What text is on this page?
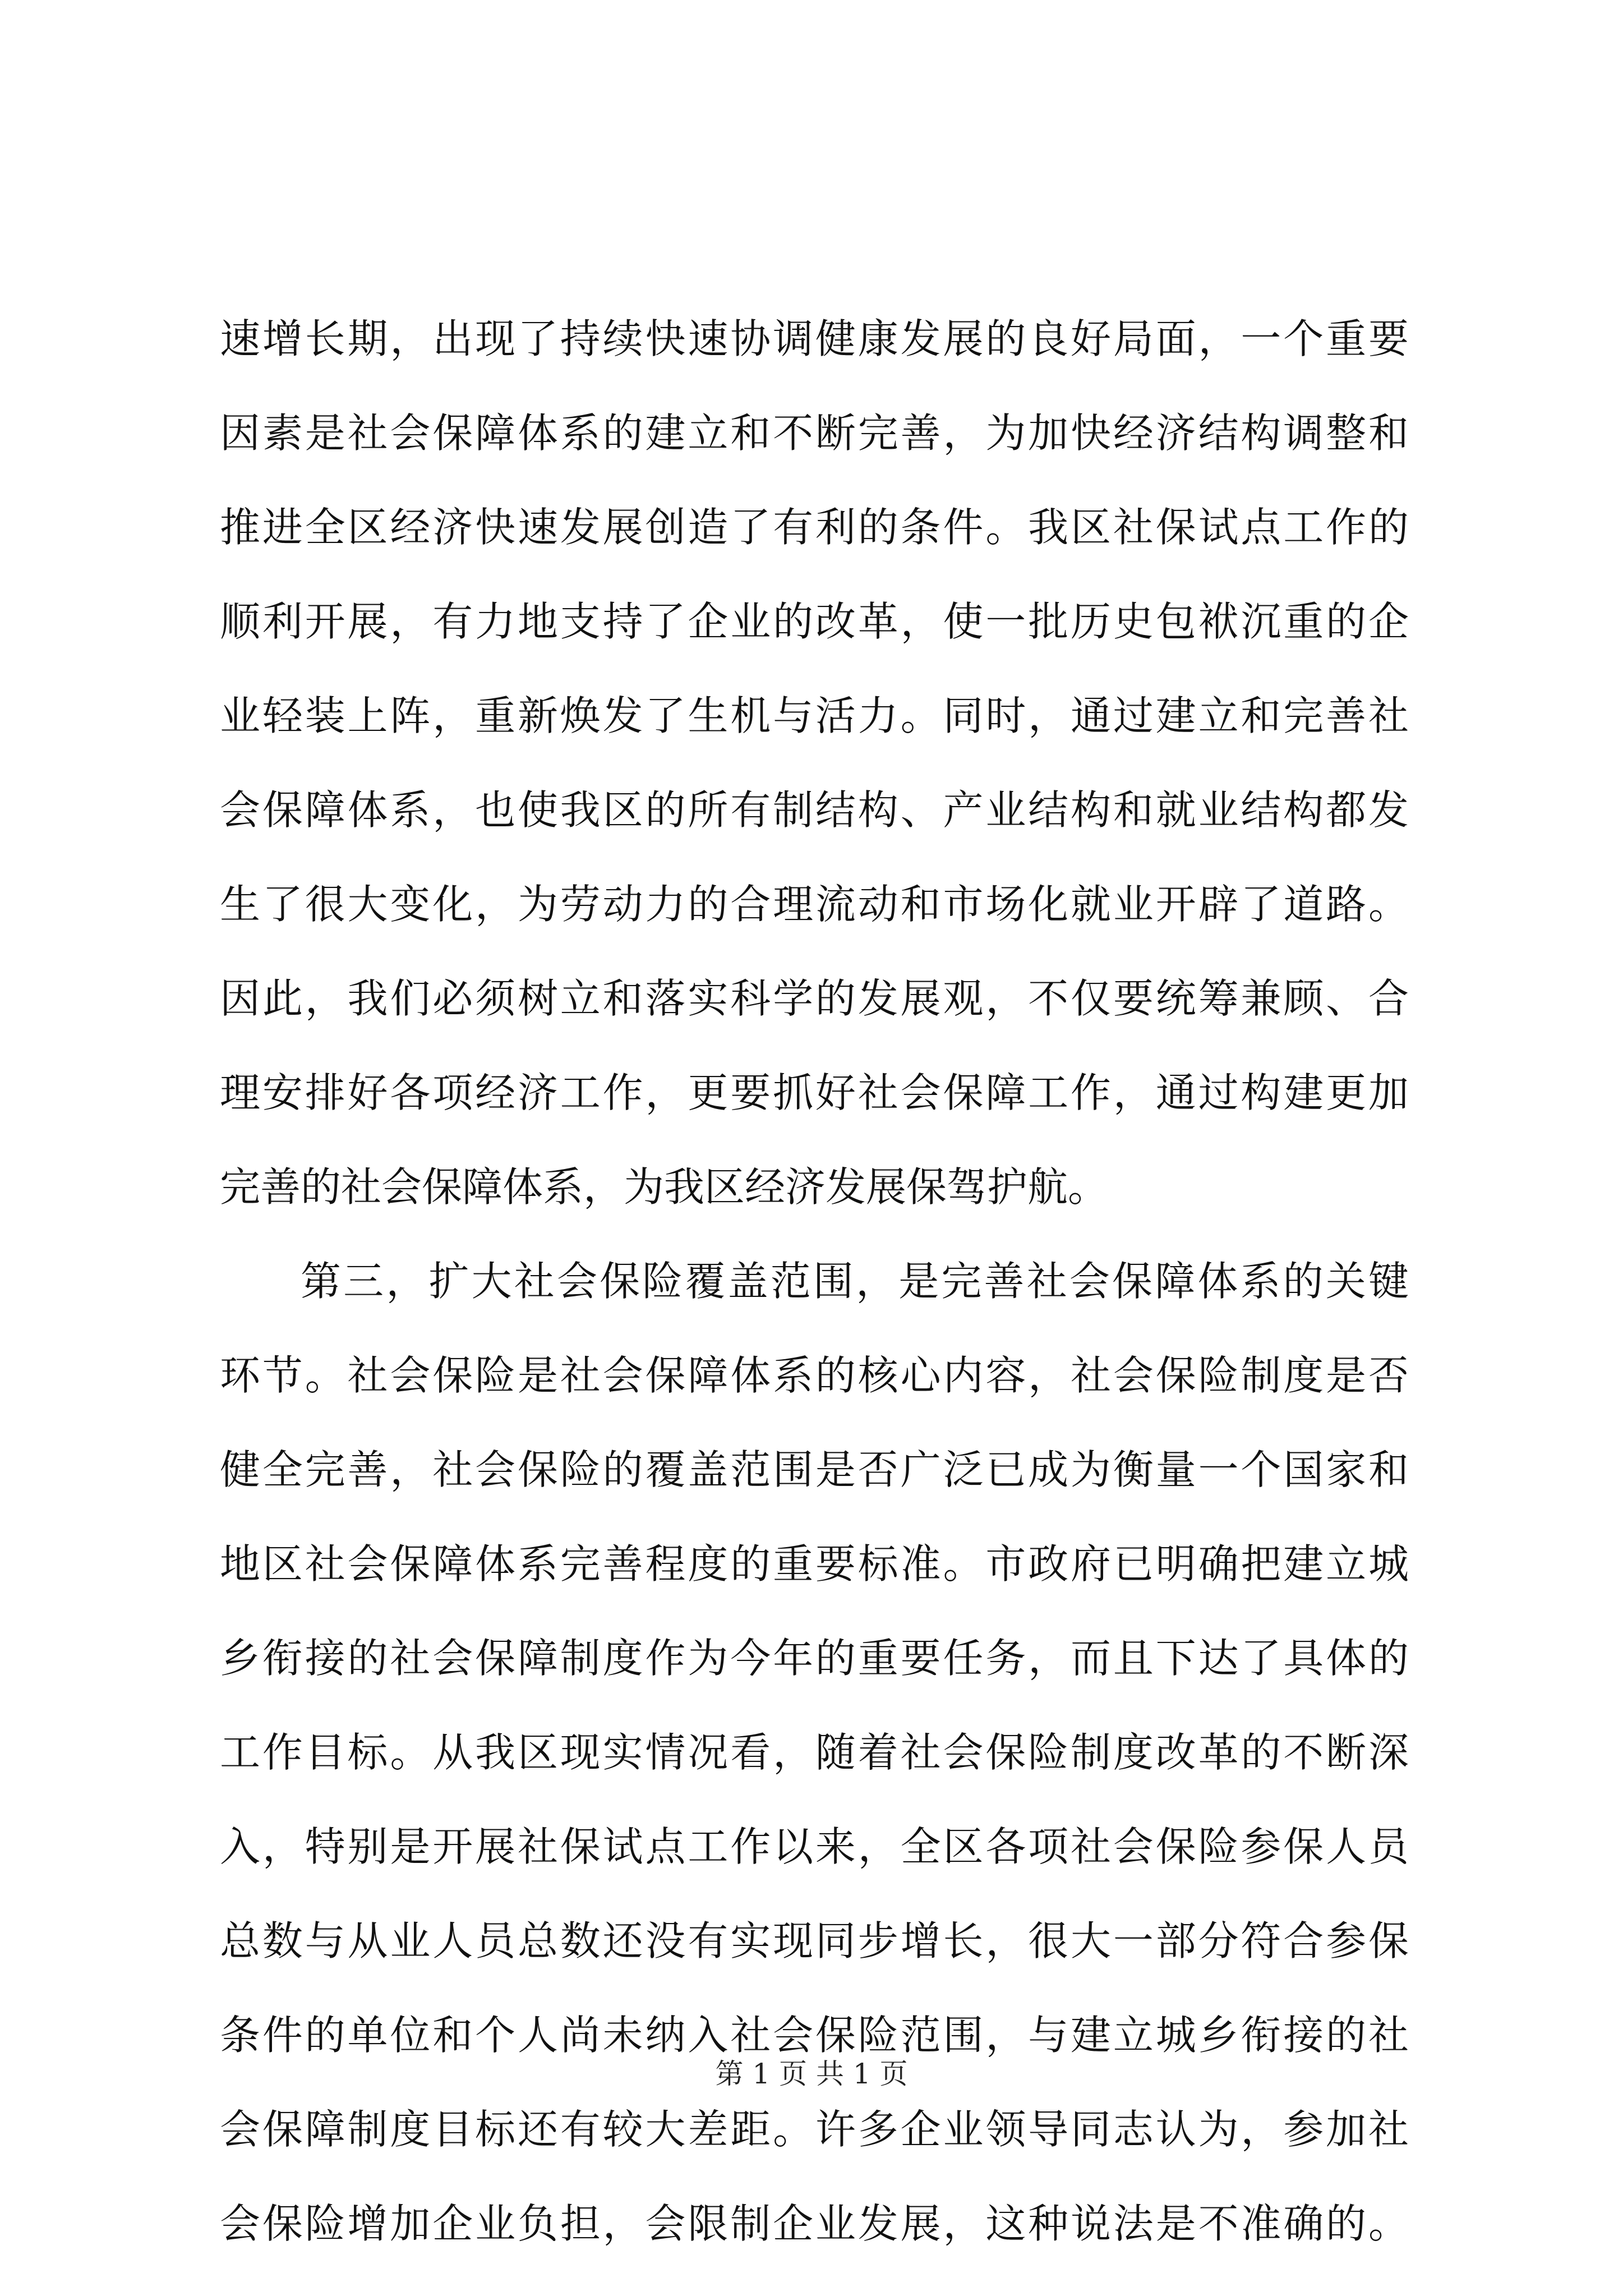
速增长期，出现了持续快速协调健康发展的良好局面，一个重要
因素是社会保障体系的建立和不断完善，为加快经济结构调整和
推进全区经济快速发展创造了有利的条件。我区社保试点工作的
顺利开展，有力地支持了企业的改革，使一批历史包袱沉重的企
业轻装上阵，重新焕发了生机与活力。同时，通过建立和完善社
会保障体系，也使我区的所有制结构、产业结构和就业结构都发
生了很大变化，为劳动力的合理流动和市场化就业开辟了道路。
因此，我们必须树立和落实科学的发展观，不仅要统筹兼顾、合
理安排好各项经济工作，更要抓好社会保障工作，通过构建更加
完善的社会保障体系，为我区经济发展保驾护航。
第三，扩大社会保险覆盖范围，是完善社会保障体系的关键
环节。社会保险是社会保障体系的核心内容，社会保险制度是否
健全完善，社会保险的覆盖范围是否广泛已成为衡量一个国家和
地区社会保障体系完善程度的重要标准。市政府已明确把建立城
乡衔接的社会保障制度作为今年的重要任务，而且下达了具体的
工作目标。从我区现实情况看，随着社会保险制度改革的不断深
入，特别是开展社保试点工作以来，全区各项社会保险参保人员
总数与从业人员总数还没有实现同步增长，很大一部分符合参保
条件的单位和个人尚未纳入社会保险范围，与建立城乡衔接的社
会保障制度目标还有较大差距。许多企业领导同志认为，参加社
会保险增加企业负担，会限制企业发展，这种说法是不准确的。
第 1 页 共 1 页
